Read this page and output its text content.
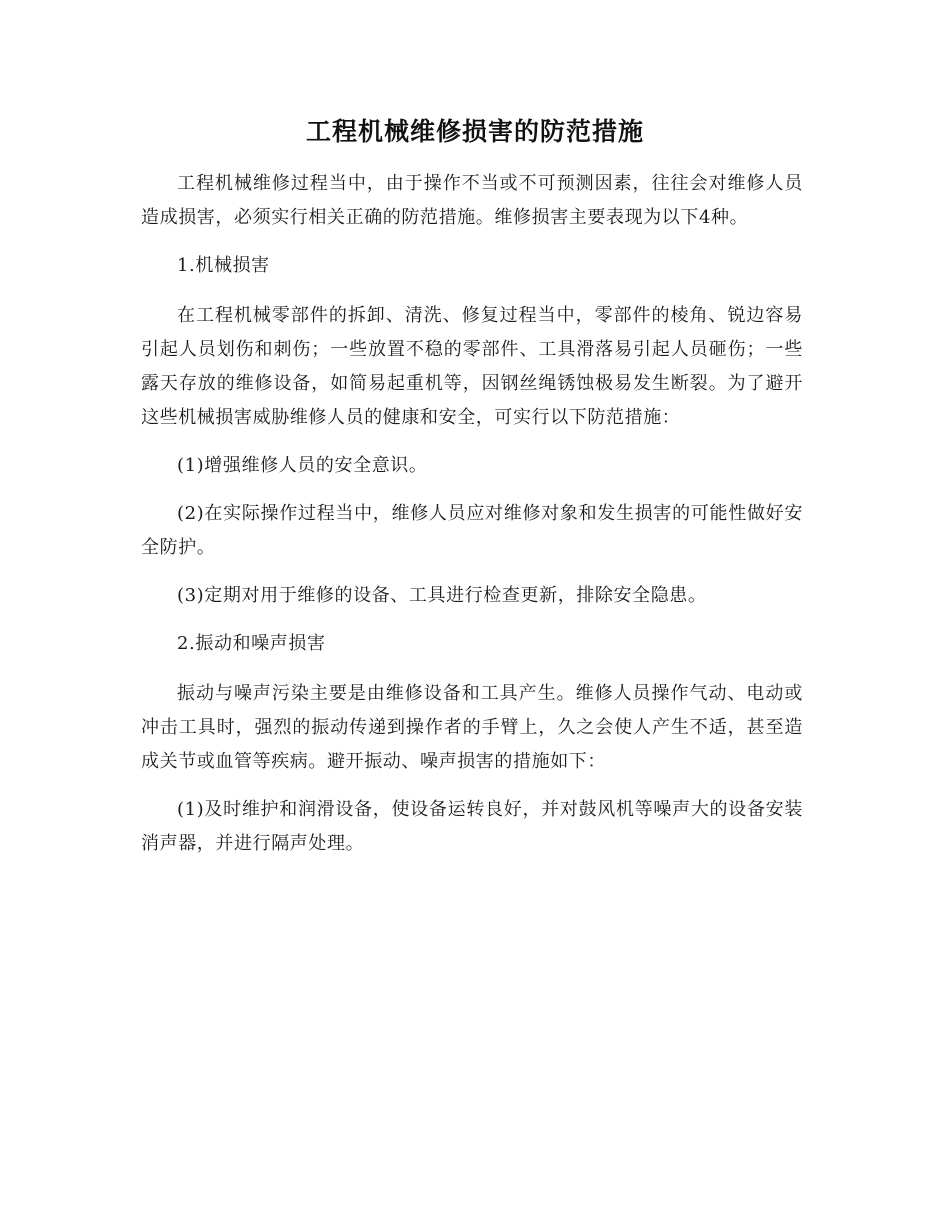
工程机械维修损害的防范措施

工程机械维修过程当中，由于操作不当或不可预测因素，往往会对维修人员造成损害，必须实行相关正确的防范措施。维修损害主要表现为以下4种。

1.机械损害

在工程机械零部件的拆卸、清洗、修复过程当中，零部件的棱角、锐边容易引起人员划伤和刺伤；一些放置不稳的零部件、工具滑落易引起人员砸伤；一些露天存放的维修设备，如简易起重机等，因钢丝绳锈蚀极易发生断裂。为了避开这些机械损害威胁维修人员的健康和安全，可实行以下防范措施：

(1)增强维修人员的安全意识。

(2)在实际操作过程当中，维修人员应对维修对象和发生损害的可能性做好安全防护。

(3)定期对用于维修的设备、工具进行检查更新，排除安全隐患。

2.振动和噪声损害

振动与噪声污染主要是由维修设备和工具产生。维修人员操作气动、电动或冲击工具时，强烈的振动传递到操作者的手臂上，久之会使人产生不适，甚至造成关节或血管等疾病。避开振动、噪声损害的措施如下：

(1)及时维护和润滑设备，使设备运转良好，并对鼓风机等噪声大的设备安装消声器，并进行隔声处理。
